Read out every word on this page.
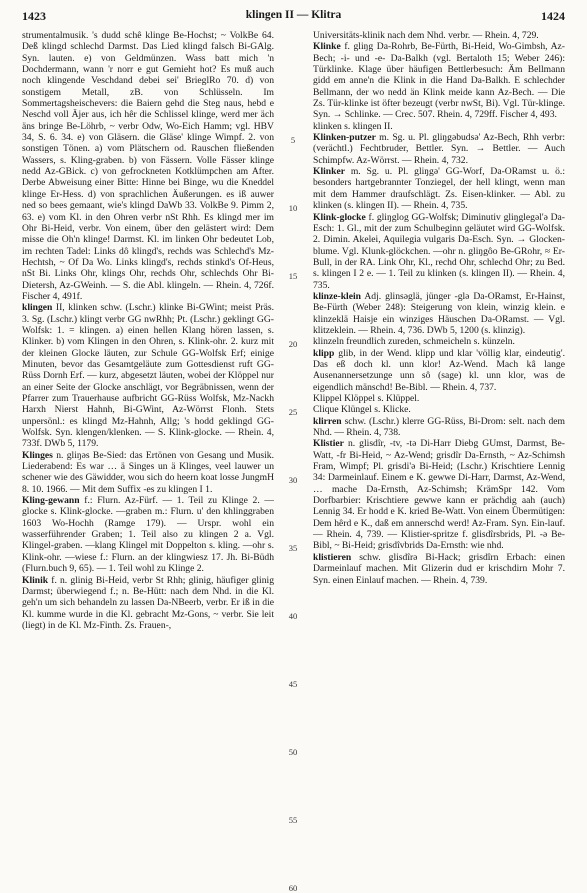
1423	klingen II — Klitra	1424

strumentalmusik. 's dudd schê klinge Be-Hochst; ~ VolkBe 64. Deß klingd schlechd Darmst. Das Lied klingd falsch Bi-GAlg. Syn. lauten. e) von Geldmünzen. Wass batt mich 'n Dochdermann, wann 'r norr e gut Gemieht hot? Es muß auch noch klingende Veschdand debei sei' BrieglRo 70. d) von sonstigem Metall, zB. von Schlüsseln. Im Sommertagsheischevers: die Baiern gehd die Steg naus, hebd e Neschd voll Äjer aus, ich hêr die Schlissel klinge, werd mer äch äns bringe Be-Löhrb, ~ verbr Odw, Wo-Eich Hamm; vgl. HBV 34, S. 6. 34. e) von Gläsern. die Gläse' klinge Wimpf. 2. von sonstigen Tönen. a) vom Plätschern od. Rauschen fließenden Wassers, s. Kling-graben. b) von Fässern. Volle Fässer klinge nedd Az-GBick. c) von gefrockneten Kotklümpchen am After. Derbe Abweisung einer Bitte: Hinne bei Binge, wu die Kneddel klinge Er-Hess. d) von sprachlichen Äußerungen. es iß auwer ned so bees gemaant, wie's klingd DaWb 33. VolkBe 9. Pimm 2, 63. e) vom Kl. in den Ohren verbr nSt Rhh. Es klingd mer im Ohr Bi-Heid, verbr. Von einem, über den gelästert wird: Dem misse die Oh'n klinge! Darmst. Kl. im linken Ohr bedeutet Lob, im rechten Tadel: Links dô klingd's, rechds was Schlechd's Mz-Hechtsh, ~ Of Da Wo. Links klingd's, rechds stinkd's Of-Heus, nSt Bi. Links Ohr, klings Ohr, rechds Ohr, schlechds Ohr Bi-Dietersh, Az-GWeinh. — S. die Abl. klingeln. — Rhein. 4, 726f. Fischer 4, 491f.

klingen II, klinken schw. (Lschr.) klinke Bi-GWint; meist Präs. 3. Sg. (Lschr.) klingt verbr GG nwRhh; Pt. (Lschr.) geklingt GG-Wolfsk: 1. = klingen. a) einen hellen Klang hören lassen, s. Klinker. b) vom Klingen in den Ohren, s. Klink-ohr. 2. kurz mit der kleinen Glocke läuten, zur Schule GG-Wolfsk Erf; einige Minuten, bevor das Gesamtgeläute zum Gottesdienst ruft GG-Rüss Dornh Erf. — kurz, abgesetzt läuten, wobei der Klöppel nur an einer Seite der Glocke anschlägt, vor Begräbnissen, wenn der Pfarrer zum Trauerhause aufbricht GG-Rüss Wolfsk, Mz-Nackh Harxh Nierst Hahnh, Bi-GWint, Az-Wörrst Flonh. Stets unpersönl.: es klingd Mz-Hahnh, Allg; 's hodd geklingd GG-Wolfsk. Syn. klengen/klenken. — S. Klink-glocke. — Rhein. 4, 733f. DWb 5, 1179.

Klinges n. gliŋəs Be-Sied: das Ertönen von Gesang und Musik. Liederabend: Es war … ä Singes un ä Klinges, veel lauwer un schener wie des Gäwidder, wou sich do heern koat losse JungmH 8. 10. 1966. — Mit dem Suffix -es zu klingen I 1.

Kling-gewann f.: Flurn. Az-Fürf. — 1. Teil zu Klinge 2. —glocke s. Klink-glocke. —graben m.: Flurn. u' den khlinggraben 1603 Wo-Hochh (Ramge 179). — Urspr. wohl ein wasserführender Graben; 1. Teil also zu klingen 2 a. Vgl. Klingel-graben. —klang Klingel mit Doppelton s. kling. —ohr s. Klink-ohr. —wiese f.: Flurn. an der klingwiesz 17. Jh. Bi-Büdh (Flurn.buch 9, 65). — 1. Teil wohl zu Klinge 2.

Klinik f. n. glinig Bi-Heid, verbr St Rhh; glinig, häufiger glinig Darmst; überwiegend f.; n. Be-Hütt: nach dem Nhd. in die Kl. geh'n um sich behandeln zu lassen Da-NBeerb, verbr. Er iß in die Kl. kumme wurde in die Kl. gebracht Mz-Gons, ~ verbr. Sie leit (liegt) in de Kl. Mz-Finth. Zs. Frauen-,

5
10
15
20
25
30
35
40
45
50
55
60

Universitäts-klinik nach dem Nhd. verbr. — Rhein. 4, 729.

Klinke f. gliŋg Da-Rohrb, Be-Fürth, Bi-Heid, Wo-Gimbsh, Az-Bech; -i- und -e- Da-Balkh (vgl. Bertaloth 15; Weber 246): Türklinke. Klage über häufigen Bettlerbesuch: Äm Bellmann gidd em anne'n die Klink in die Hand Da-Balkh. E schlechder Bellmann, der wo nedd än Klink meide kann Az-Bech. — Die Zs. Tür-klinke ist öfter bezeugt (verbr nwSt, Bi). Vgl. Tür-klinge. Syn. → Schlinke. — Crec. 507. Rhein. 4, 729ff. Fischer 4, 493.

klinken s. klingen II.

Klinken-putzer m. Sg. u. Pl. gliŋgəbudsə' Az-Bech, Rhh verbr: (verächtl.) Fechtbruder, Bettler. Syn. → Bettler. — Auch Schimpfw. Az-Wörrst. — Rhein. 4, 732.

Klinker m. Sg. u. Pl. gliŋgə' GG-Worf, Da-ORamst u. ö.: besonders hartgebrannter Tonziegel, der hell klingt, wenn man mit dem Hammer draufschlägt. Zs. Eisen-klinker. — Abl. zu klinken (s. klingen II). — Rhein. 4, 735.

Klink-glocke f. gliŋglog GG-Wolfsk; Diminutiv gliŋglegəl'ə Da-Esch: 1. Gl., mit der zum Schulbeginn geläutet wird GG-Wolfsk. 2. Dimin. Akelei, Aquilegia vulgaris Da-Esch. Syn. → Glocken-blume. Vgl. Klunk-glöckchen. —ohr n. gliŋgôo Be-GRohr, ≈ Er-Bull, in der RA. Link Ohr, Kl., rechd Ohr, schlechd Ohr; zu Bed. s. klingen I 2 e. — 1. Teil zu klinken (s. klingen II). — Rhein. 4, 735.

klinze-klein Adj. glinsəglä, jünger -glə Da-ORamst, Er-Hainst, Be-Fürth (Weber 248): Steigerung von klein, winzig klein. e klinzeklä Haisje ein winziges Häuschen Da-ORamst. — Vgl. klitzeklein. — Rhein. 4, 736. DWb 5, 1200 (s. klinzig).

klinzeln freundlich zureden, schmeicheln s. künzeln.

klipp glib, in der Wend. klipp und klar 'völlig klar, eindeutig'. Das eß doch kl. unn klor! Az-Wend. Mach kâ lange Ausenannersetzunge unn sô (sage) kl. unn klor, was de eigendlich mänschd! Be-Bibl. — Rhein. 4, 737.

Klippel Klöppel s. Klüppel.

Clique Klüngel s. Klicke.

klirren schw. (Lschr.) klerre GG-Rüss, Bi-Drom: selt. nach dem Nhd. — Rhein. 4, 738.

Klistier n. glisdîr, -tv, -tə Di-Harr Diebg GUmst, Darmst, Be-Watt, -fr Bi-Heid, ~ Az-Wend; grisdîr Da-Ernsth, ~ Az-Schimsh Fram, Wimpf; Pl. grisdi'ə Bi-Heid; (Lschr.) Krischtiere Lennig 34: Darmeinlauf. Einem e K. gewwe Di-Harr, Darmst, Az-Wend, … mache Da-Ernsth, Az-Schimsh; KrämSpr 142. Vom Dorfbarbier: Krischtiere gewwe kann er prächdig aah (auch) Lennig 34. Er hodd e K. kried Be-Watt. Von einem Übermütigen: Dem hêrd e K., daß em annerschd werd! Az-Fram. Syn. Ein-lauf. — Rhein. 4, 739. — Klistier-spritze f. glisdîrsbrids, Pl. -ə Be-Bibl, ~ Bi-Heid; grisdîvbrids Da-Ernsth: wie nhd.

klistieren schw. glisdîrə Bi-Hack; grisdîrn Erbach: einen Darmeinlauf machen. Mit Glizerin dud er krischdirn Mohr 7. Syn. einen Einlauf machen. — Rhein. 4, 739.
